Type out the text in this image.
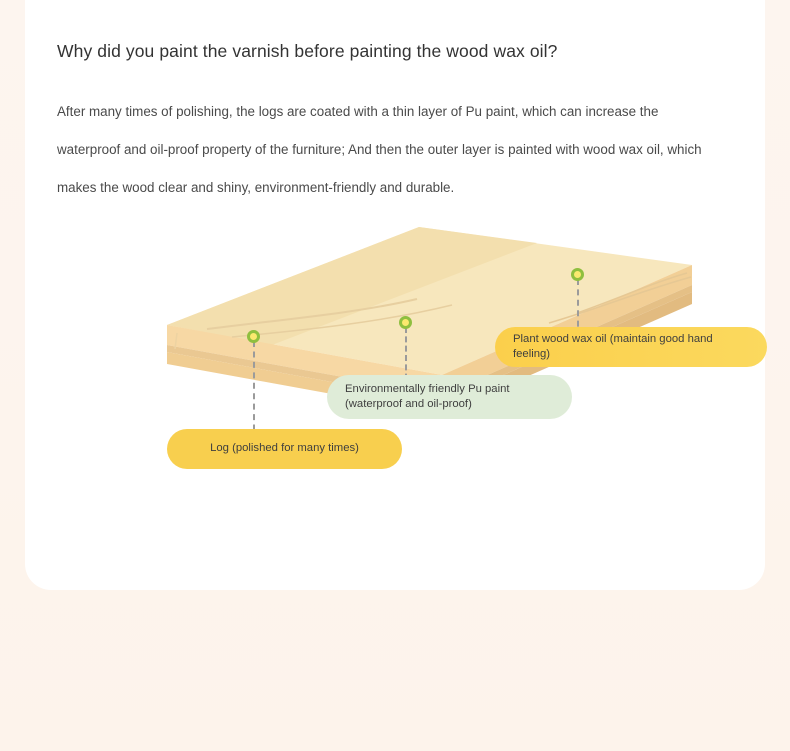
Why did you paint the varnish before painting the wood wax oil?

After many times of polishing, the logs are coated with a thin layer of Pu paint, which can increase the waterproof and oil-proof property of the furniture; And then the outer layer is painted with wood wax oil, which makes the wood clear and shiny, environment-friendly and durable.

Plant wood wax oil (maintain good hand feeling)
Environmentally friendly Pu paint (waterproof and oil-proof)
Log (polished for many times)
